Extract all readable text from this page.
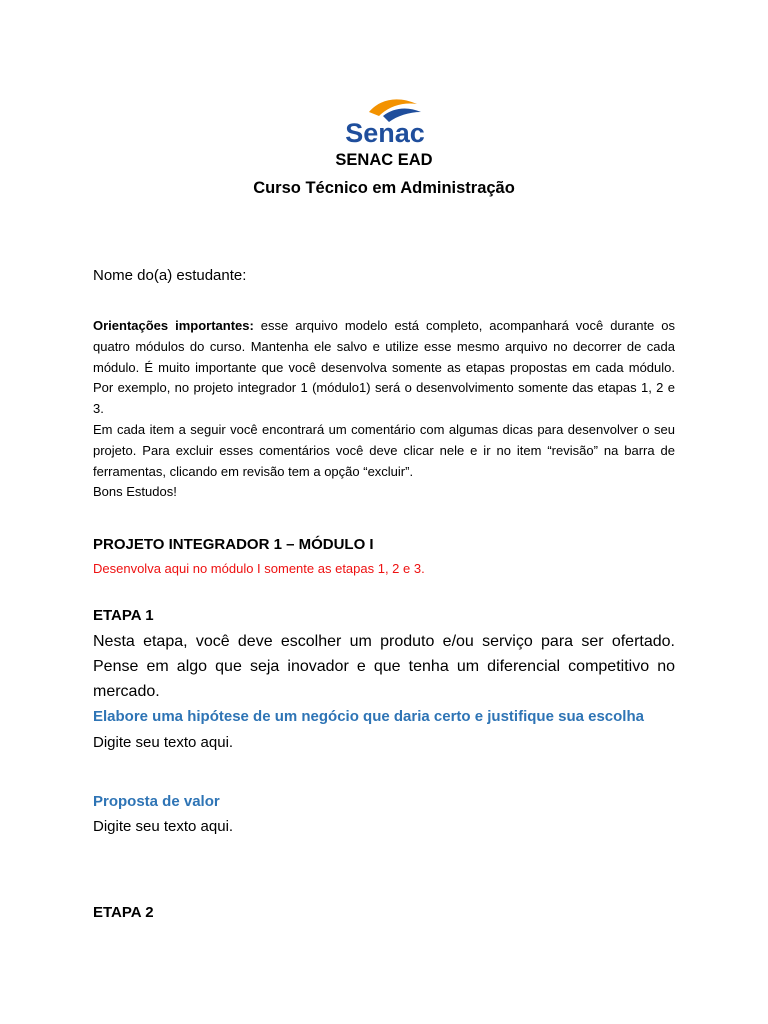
Senac
SENAC EAD
Curso Técnico em Administração

Nome do(a) estudante:

Orientações importantes: esse arquivo modelo está completo, acompanhará você durante os quatro módulos do curso. Mantenha ele salvo e utilize esse mesmo arquivo no decorrer de cada módulo. É muito importante que você desenvolva somente as etapas propostas em cada módulo. Por exemplo, no projeto integrador 1 (módulo1) será o desenvolvimento somente das etapas 1, 2 e 3.

Em cada item a seguir você encontrará um comentário com algumas dicas para desenvolver o seu projeto. Para excluir esses comentários você deve clicar nele e ir no item “revisão” na barra de ferramentas, clicando em revisão tem a opção “excluir”.

Bons Estudos!

PROJETO INTEGRADOR 1 – MÓDULO I

Desenvolva aqui no módulo I somente as etapas 1, 2 e 3.

ETAPA 1

Nesta etapa, você deve escolher um produto e/ou serviço para ser ofertado. Pense em algo que seja inovador e que tenha um diferencial competitivo no mercado.

Elabore uma hipótese de um negócio que daria certo e justifique sua escolha

Digite seu texto aqui.

Proposta de valor

Digite seu texto aqui.

ETAPA 2
